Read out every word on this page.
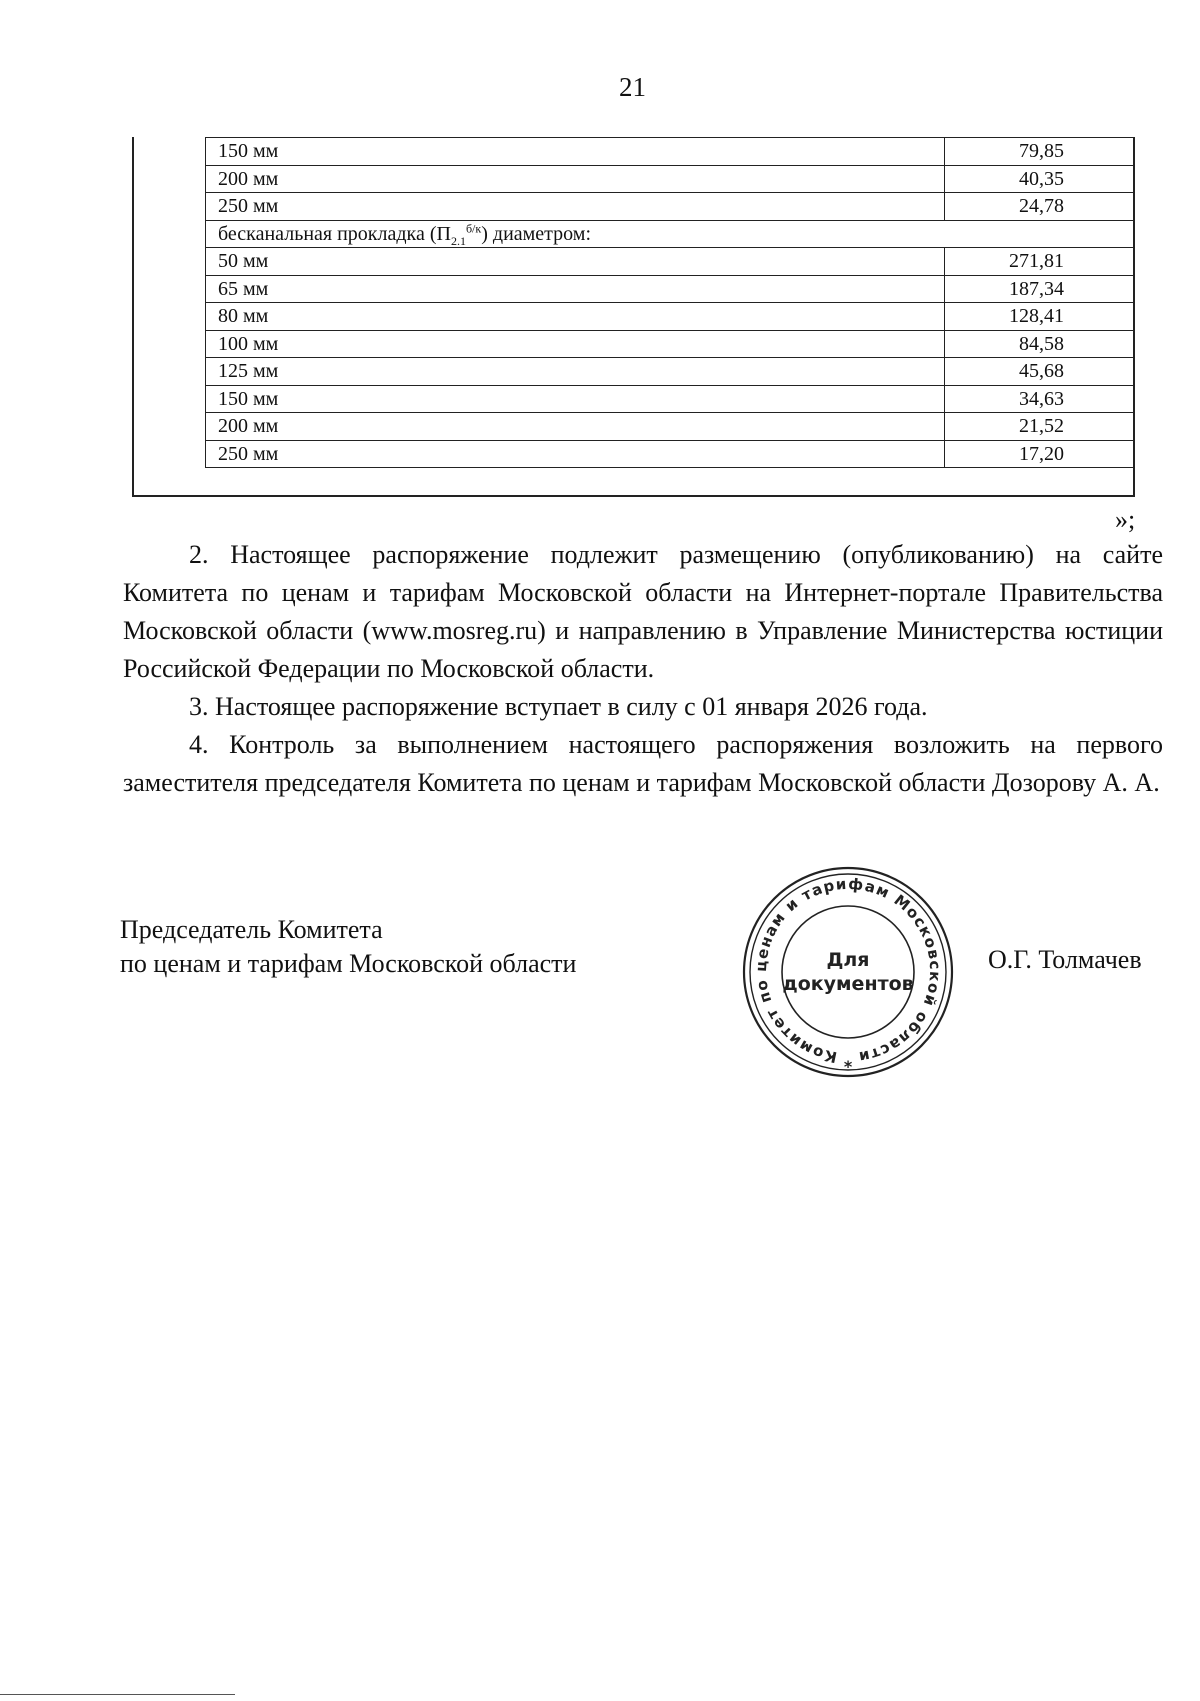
21
150 мм	79,85
200 мм	40,35
250 мм	24,78
бесканальная прокладка $(П_{2.1}^{б/к})$ диаметром:	
50 мм	271,81
65 мм	187,34
80 мм	128,41
100 мм	84,58
125 мм	45,68
150 мм	34,63
200 мм	21,52
250 мм	17,20
»;

2. Настоящее распоряжение подлежит размещению (опубликованию) на сайте Комитета по ценам и тарифам Московской области на Интернет-портале Правительства Московской области (www.mosreg.ru) и направлению в Управление Министерства юстиции Российской Федерации по Московской области.

3. Настоящее распоряжение вступает в силу с 01 января 2026 года.

4. Контроль за выполнением настоящего распоряжения возложить на первого заместителя председателя Комитета по ценам и тарифам Московской области Дозорову А. А.

Председатель Комитета
по ценам и тарифам Московской области
Комитет по ценам и тарифам Московской области
Для
документов
*
О.Г. Толмачев
